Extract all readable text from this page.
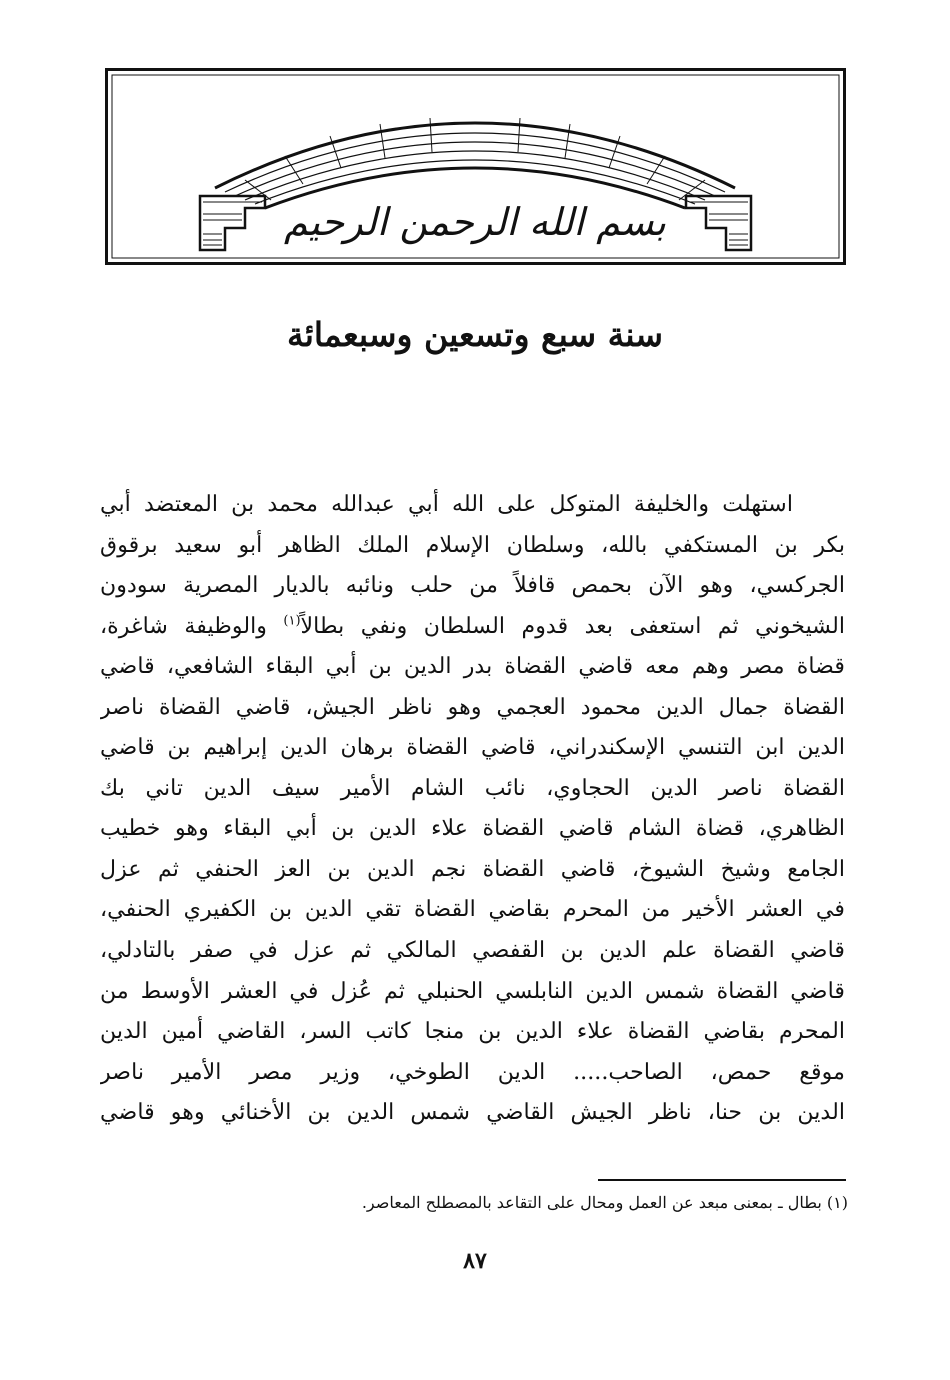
بسم الله الرحمن الرحيم
سنة سبع وتسعين وسبعمائة
استهلت والخليفة المتوكل على الله أبي عبدالله محمد بن المعتضد أبي
بكر بن المستكفي بالله، وسلطان الإسلام الملك الظاهر أبو سعيد برقوق
الجركسي، وهو الآن بحمص قافلاً من حلب ونائبه بالديار المصرية سودون
الشيخوني ثم استعفى بعد قدوم السلطان ونفي بطالاً$^{(١)}$ والوظيفة شاغرة،
قضاة مصر وهم معه قاضي القضاة بدر الدين بن أبي البقاء الشافعي، قاضي
القضاة جمال الدين محمود العجمي وهو ناظر الجيش، قاضي القضاة ناصر
الدين ابن التنسي الإسكندراني، قاضي القضاة برهان الدين إبراهيم بن قاضي
القضاة ناصر الدين الحجاوي، نائب الشام الأمير سيف الدين تاني بك
الظاهري، قضاة الشام قاضي القضاة علاء الدين بن أبي البقاء وهو خطيب
الجامع وشيخ الشيوخ، قاضي القضاة نجم الدين بن العز الحنفي ثم عزل
في العشر الأخير من المحرم بقاضي القضاة تقي الدين بن الكفيري الحنفي،
قاضي القضاة علم الدين بن القفصي المالكي ثم عزل في صفر بالتادلي،
قاضي القضاة شمس الدين النابلسي الحنبلي ثم عُزل في العشر الأوسط من
المحرم بقاضي القضاة علاء الدين بن منجا كاتب السر، القاضي أمين الدين
موقع حمص، الصاحب..... الدين الطوخي، وزير مصر الأمير ناصر
الدين بن حنا، ناظر الجيش القاضي شمس الدين بن الأخنائي وهو قاضي
(١) بطال ـ بمعنى مبعد عن العمل ومحال على التقاعد بالمصطلح المعاصر.
٨٧
